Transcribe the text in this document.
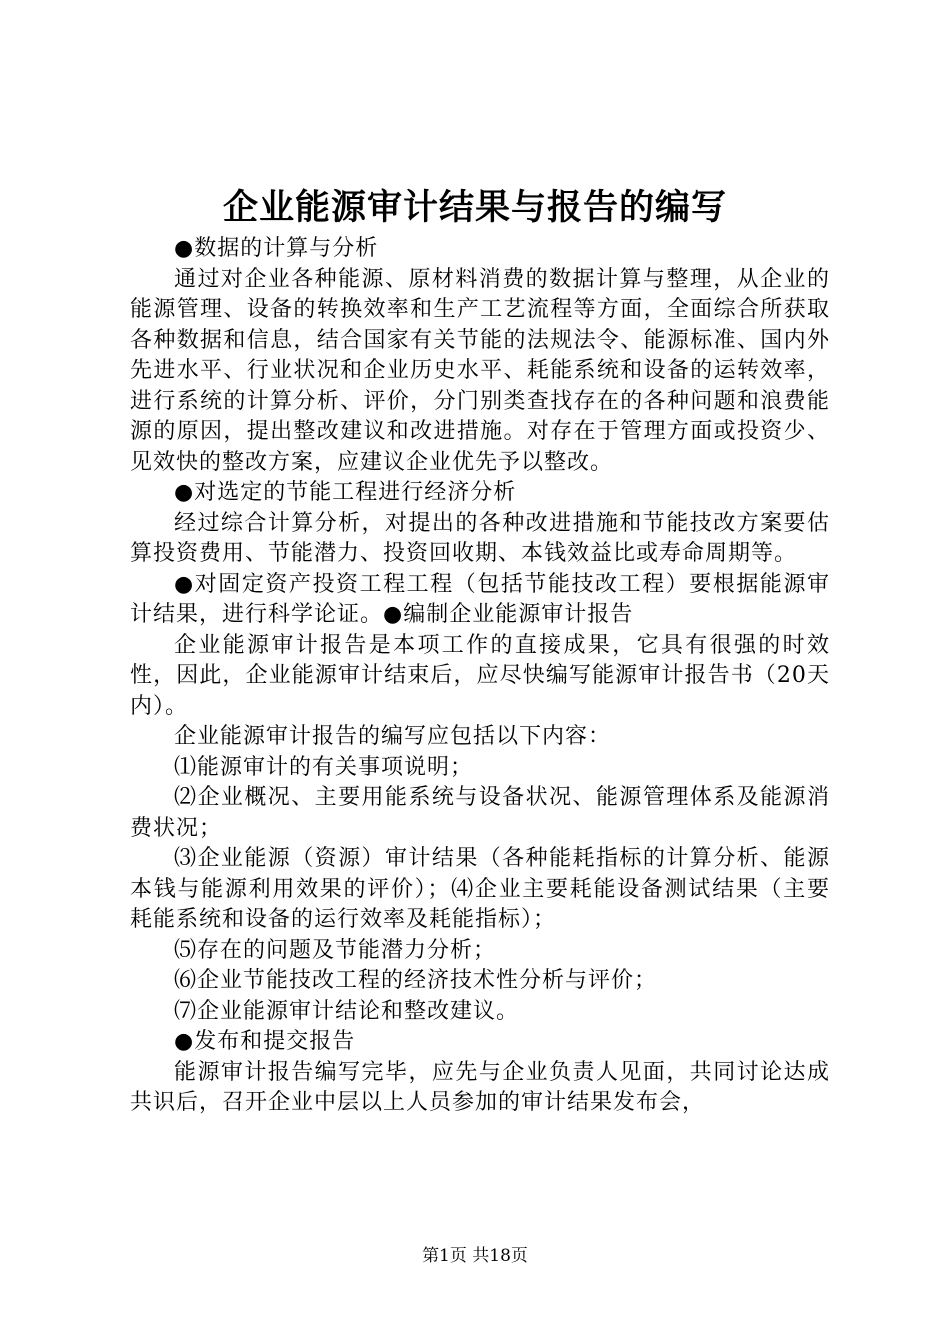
企业能源审计结果与报告的编写

●数据的计算与分析

通过对企业各种能源、原材料消费的数据计算与整理，从企业的能源管理、设备的转换效率和生产工艺流程等方面，全面综合所获取各种数据和信息，结合国家有关节能的法规法令、能源标准、国内外先进水平、行业状况和企业历史水平、耗能系统和设备的运转效率，进行系统的计算分析、评价，分门别类查找存在的各种问题和浪费能源的原因，提出整改建议和改进措施。对存在于管理方面或投资少、见效快的整改方案，应建议企业优先予以整改。

●对选定的节能工程进行经济分析

经过综合计算分析，对提出的各种改进措施和节能技改方案要估算投资费用、节能潜力、投资回收期、本钱效益比或寿命周期等。

●对固定资产投资工程工程（包括节能技改工程）要根据能源审计结果，进行科学论证。●编制企业能源审计报告

企业能源审计报告是本项工作的直接成果，它具有很强的时效性，因此，企业能源审计结束后，应尽快编写能源审计报告书（20天内）。

企业能源审计报告的编写应包括以下内容：

⑴能源审计的有关事项说明；

⑵企业概况、主要用能系统与设备状况、能源管理体系及能源消费状况；

⑶企业能源（资源）审计结果（各种能耗指标的计算分析、能源本钱与能源利用效果的评价）；⑷企业主要耗能设备测试结果（主要耗能系统和设备的运行效率及耗能指标）；

⑸存在的问题及节能潜力分析；

⑹企业节能技改工程的经济技术性分析与评价；

⑺企业能源审计结论和整改建议。

●发布和提交报告

能源审计报告编写完毕，应先与企业负责人见面，共同讨论达成共识后，召开企业中层以上人员参加的审计结果发布会，

第1页 共18页
